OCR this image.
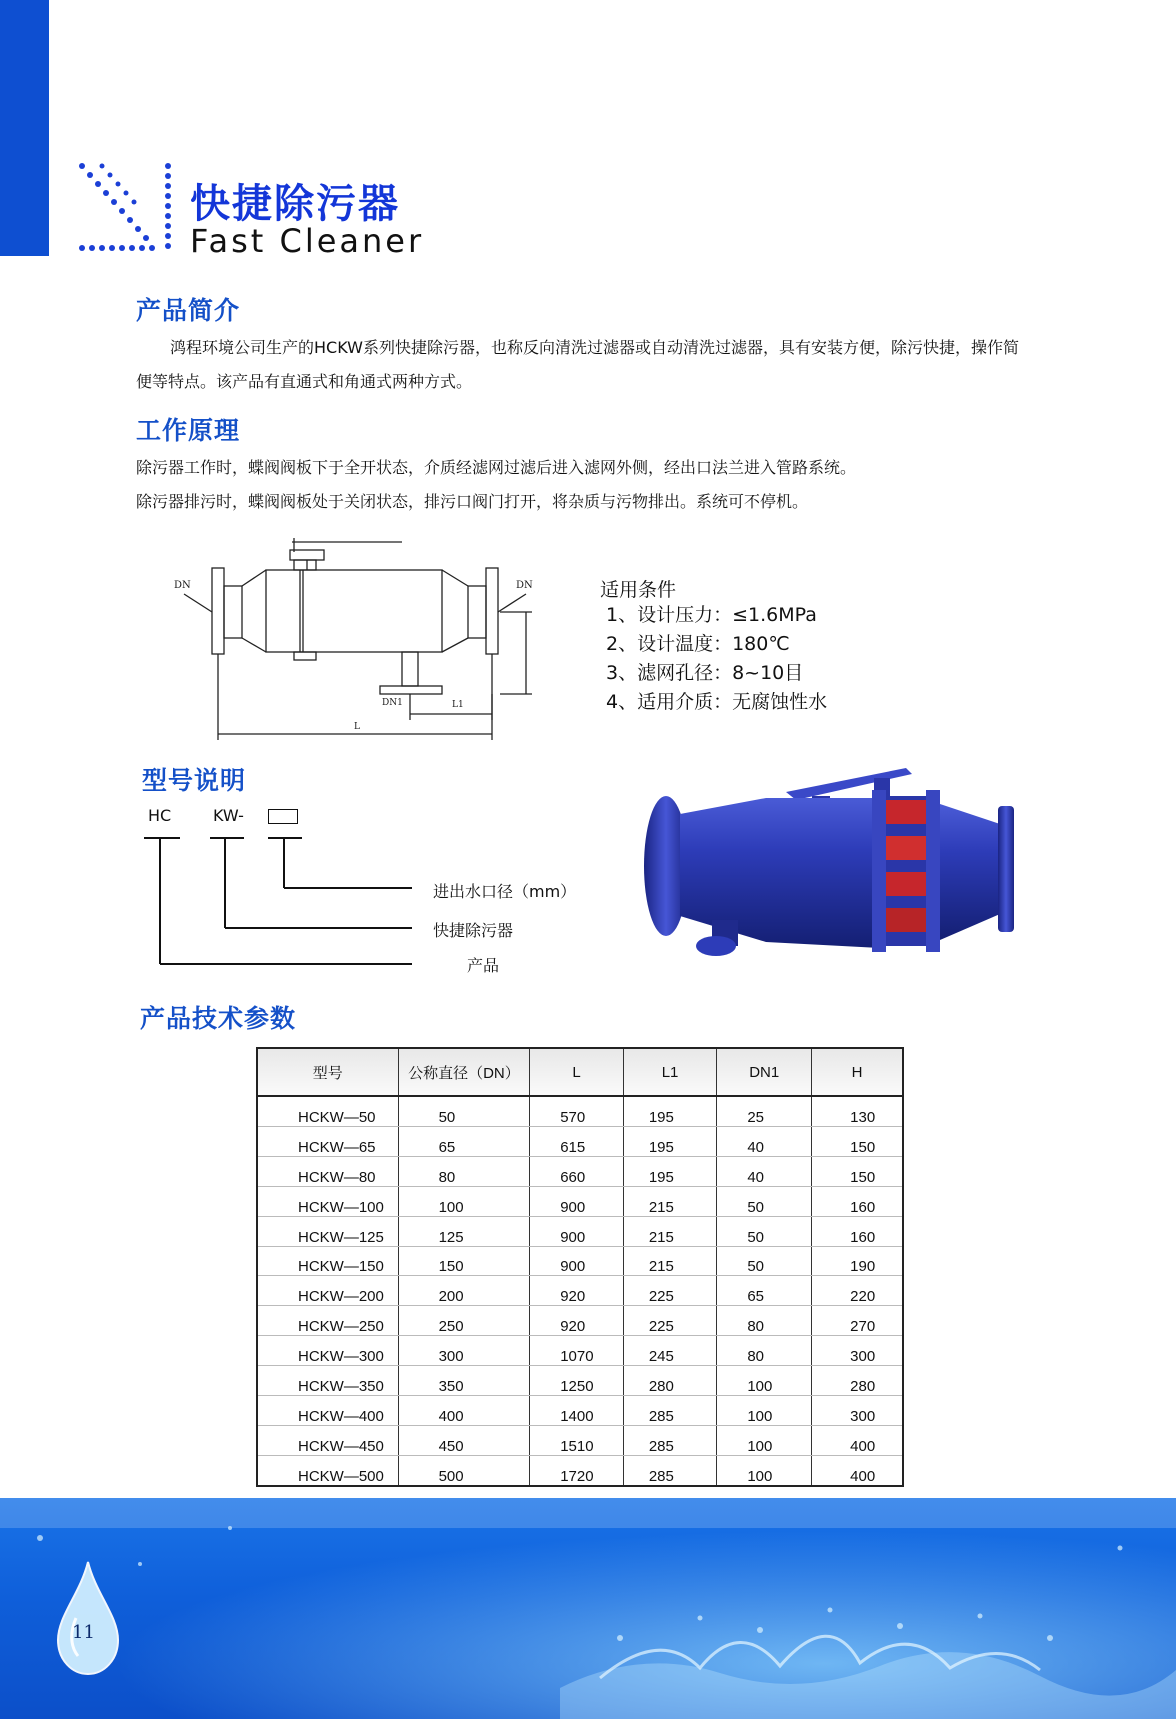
快捷除污器
Fast Cleaner
产品简介
鸿程环境公司生产的HCKW系列快捷除污器，也称反向清洗过滤器或自动清洗过滤器，具有安装方便，除污快捷，操作简
便等特点。该产品有直通式和角通式两种方式。
工作原理
除污器工作时，蝶阀阀板下于全开状态，介质经滤网过滤后进入滤网外侧，经出口法兰进入管路系统。
除污器排污时，蝶阀阀板处于关闭状态，排污口阀门打开，将杂质与污物排出。系统可不停机。
DN	DN
DN1	L1
L
适用条件
1、设计压力：≤1.6MPa
2、设计温度：180℃
3、滤网孔径：8~10目
4、适用介质：无腐蚀性水
型号说明
HC	KW-
进出水口径（mm）
快捷除污器
产品
产品技术参数
型号	公称直径（DN）	L	L1	DN1	H
HCKW—50	50	570	195	25	130
HCKW—65	65	615	195	40	150
HCKW—80	80	660	195	40	150
HCKW—100	100	900	215	50	160
HCKW—125	125	900	215	50	160
HCKW—150	150	900	215	50	190
HCKW—200	200	920	225	65	220
HCKW—250	250	920	225	80	270
HCKW—300	300	1070	245	80	300
HCKW—350	350	1250	280	100	280
HCKW—400	400	1400	285	100	300
HCKW—450	450	1510	285	100	400
HCKW—500	500	1720	285	100	400
11
